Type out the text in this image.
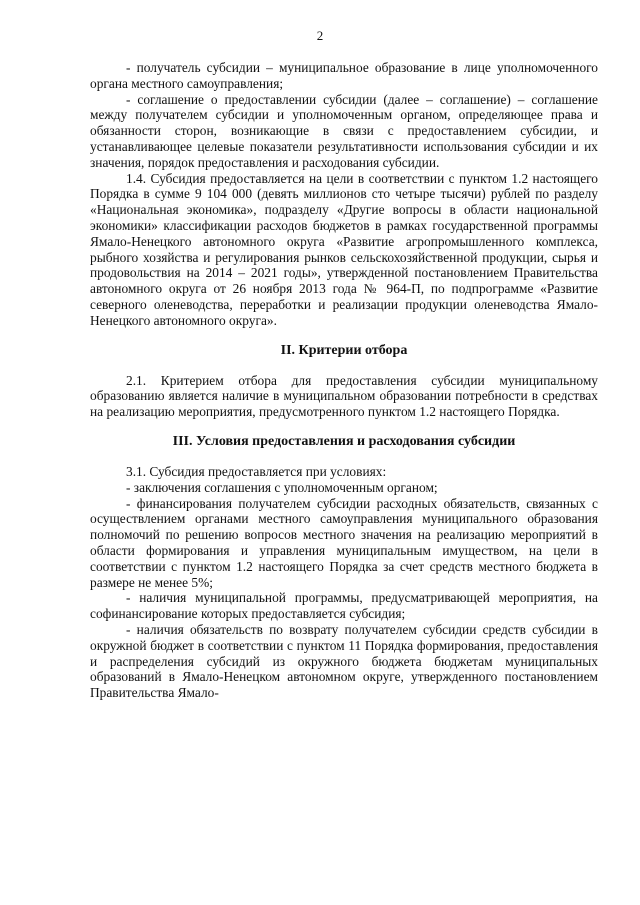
2

- получатель субсидии – муниципальное образование в лице уполномоченного органа местного самоуправления;

- соглашение о предоставлении субсидии (далее – соглашение) – соглашение между получателем субсидии и уполномоченным органом, определяющее права и обязанности сторон, возникающие в связи с предоставлением субсидии, и устанавливающее целевые показатели результативности использования субсидии и их значения, порядок предоставления и расходования субсидии.

1.4. Субсидия предоставляется на цели в соответствии с пунктом 1.2 настоящего Порядка в сумме 9 104 000 (девять миллионов сто четыре тысячи) рублей по разделу «Национальная экономика», подразделу «Другие вопросы в области национальной экономики» классификации расходов бюджетов в рамках государственной программы Ямало-Ненецкого автономного округа «Развитие агропромышленного комплекса, рыбного хозяйства и регулирования рынков сельскохозяйственной продукции, сырья и продовольствия на 2014 – 2021 годы», утвержденной постановлением Правительства автономного округа от 26 ноября 2013 года № 964-П, по подпрограмме «Развитие северного оленеводства, переработки и реализации продукции оленеводства Ямало-Ненецкого автономного округа».

II. Критерии отбора

2.1. Критерием отбора для предоставления субсидии муниципальному образованию является наличие в муниципальном образовании потребности в средствах на реализацию мероприятия, предусмотренного пунктом 1.2 настоящего Порядка.

III. Условия предоставления и расходования субсидии

3.1. Субсидия предоставляется при условиях:

- заключения соглашения с уполномоченным органом;

- финансирования получателем субсидии расходных обязательств, связанных с осуществлением органами местного самоуправления муниципального образования полномочий по решению вопросов местного значения на реализацию мероприятий в области формирования и управления муниципальным имуществом, на цели в соответствии с пунктом 1.2 настоящего Порядка за счет средств местного бюджета в размере не менее 5%;

- наличия муниципальной программы, предусматривающей мероприятия, на софинансирование которых предоставляется субсидия;

- наличия обязательств по возврату получателем субсидии средств субсидии в окружной бюджет в соответствии с пунктом 11 Порядка формирования, предоставления и распределения субсидий из окружного бюджета бюджетам муниципальных образований в Ямало-Ненецком автономном округе, утвержденного постановлением Правительства Ямало-
